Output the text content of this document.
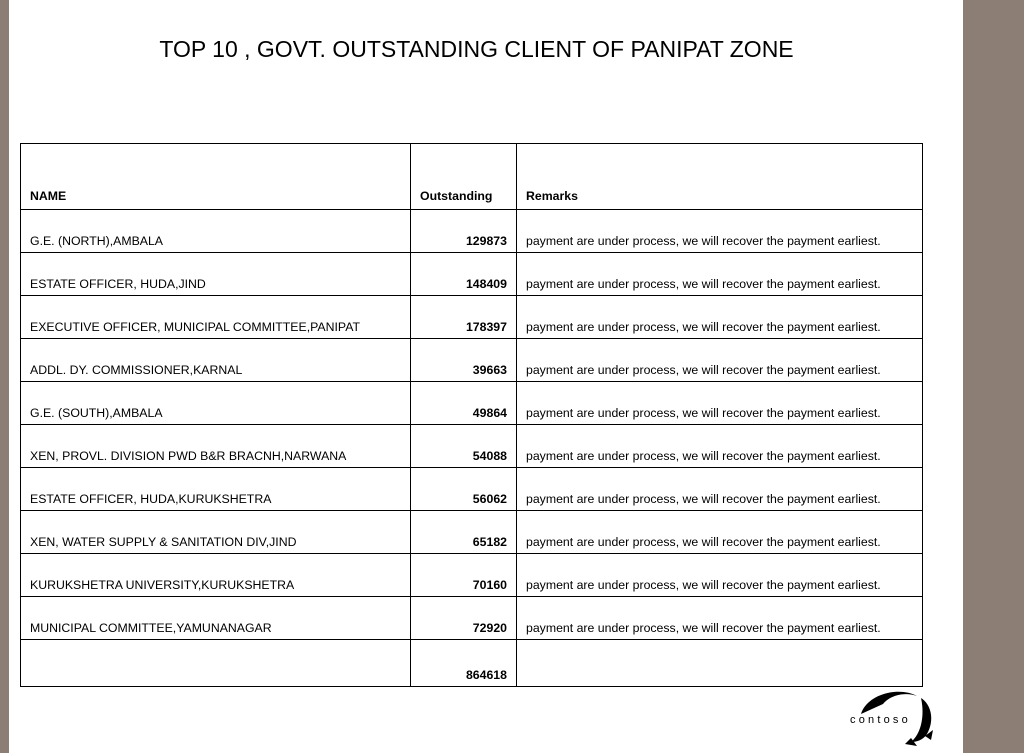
TOP 10 , GOVT. OUTSTANDING CLIENT OF PANIPAT ZONE
NAME	Outstanding	Remarks
G.E. (NORTH),AMBALA	129873	payment are under process, we will recover the payment earliest.
ESTATE OFFICER, HUDA,JIND	148409	payment are under process, we will recover the payment earliest.
EXECUTIVE OFFICER, MUNICIPAL COMMITTEE,PANIPAT	178397	payment are under process, we will recover the payment earliest.
ADDL. DY. COMMISSIONER,KARNAL	39663	payment are under process, we will recover the payment earliest.
G.E. (SOUTH),AMBALA	49864	payment are under process, we will recover the payment earliest.
XEN, PROVL. DIVISION PWD B&R BRACNH,NARWANA	54088	payment are under process, we will recover the payment earliest.
ESTATE OFFICER, HUDA,KURUKSHETRA	56062	payment are under process, we will recover the payment earliest.
XEN, WATER SUPPLY & SANITATION DIV,JIND	65182	payment are under process, we will recover the payment earliest.
KURUKSHETRA UNIVERSITY,KURUKSHETRA	70160	payment are under process, we will recover the payment earliest.
MUNICIPAL COMMITTEE,YAMUNANAGAR	72920	payment are under process, we will recover the payment earliest.
	864618	
contoso
